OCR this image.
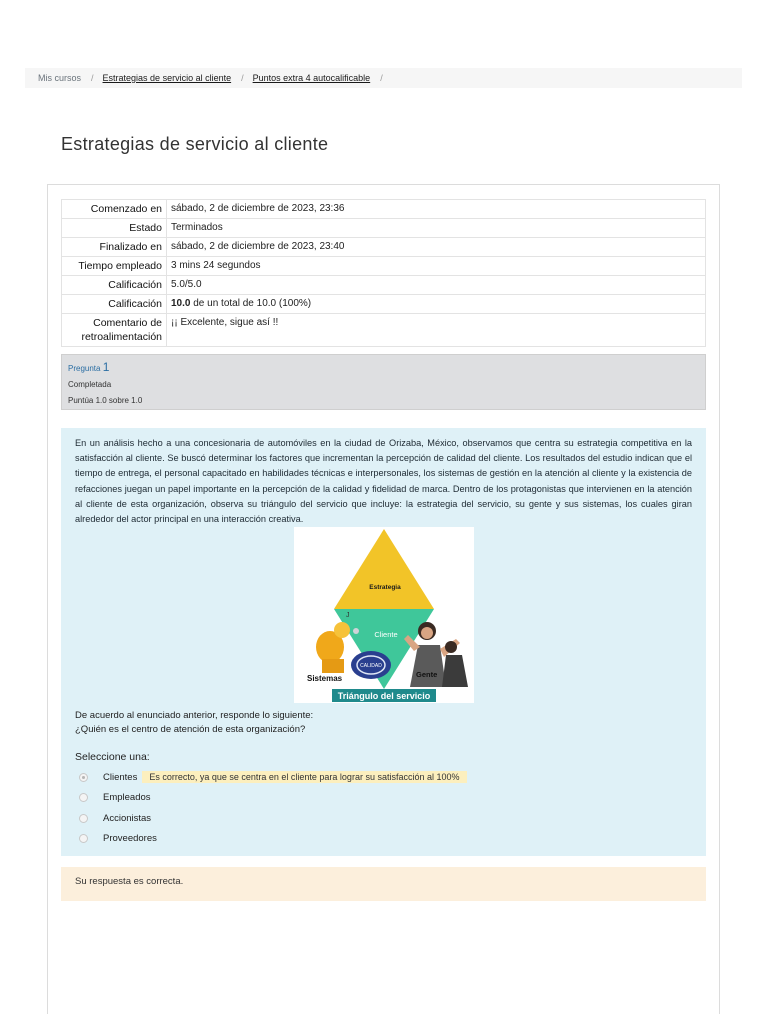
Mis cursos / Estrategias de servicio al cliente / Puntos extra 4 autocalificable /
Estrategias de servicio al cliente
Comenzado en	sábado, 2 de diciembre de 2023, 23:36
Estado	Terminados
Finalizado en	sábado, 2 de diciembre de 2023, 23:40
Tiempo empleado	3 mins 24 segundos
Calificación	5.0/5.0
Calificación	10.0 de un total de 10.0 (100%)
Comentario de retroalimentación	¡¡ Excelente, sigue así !!
Pregunta 1
Completada
Puntúa 1.0 sobre 1.0

En un análisis hecho a una concesionaria de automóviles en la ciudad de Orizaba, México, observamos que centra su estrategia competitiva en la satisfacción al cliente. Se buscó determinar los factores que incrementan la percepción de calidad del cliente. Los resultados del estudio indican que el tiempo de entrega, el personal capacitado en habilidades técnicas e interpersonales, los sistemas de gestión en la atención al cliente y la existencia de refacciones juegan un papel importante en la percepción de la calidad y fidelidad de marca. Dentro de los protagonistas que intervienen en la atención al cliente de esta organización, observa su triángulo del servicio que incluye: la estrategia del servicio, su gente y sus sistemas, los cuales giran alrededor del actor principal en una interacción creativa.

CALIDAD
J
Estrategia
Cliente
Sistemas	Gente
Triángulo del servicio
De acuerdo al enunciado anterior, responde lo siguiente:
¿Quién es el centro de atención de esta organización?
Seleccione una:
Clientes	Es correcto, ya que se centra en el cliente para lograr su satisfacción al 100%
Empleados
Accionistas
Proveedores
Su respuesta es correcta.
